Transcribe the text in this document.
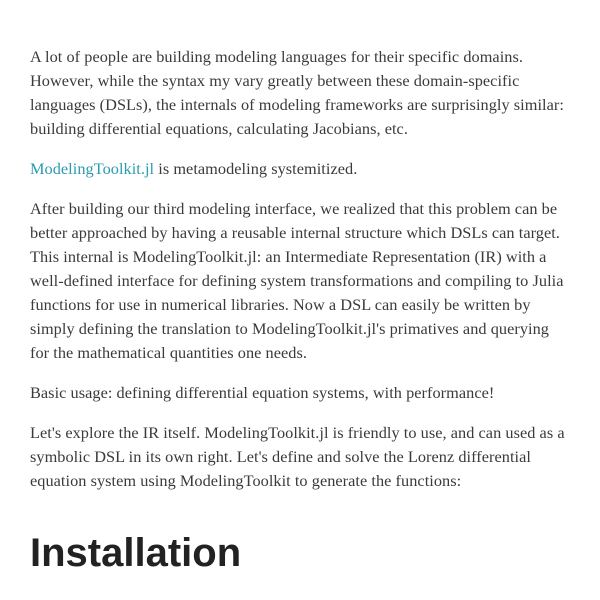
A lot of people are building modeling languages for their specific domains. However, while the syntax my vary greatly between these domain-specific languages (DSLs), the internals of modeling frameworks are surprisingly similar: building differential equations, calculating Jacobians, etc.

ModelingToolkit.jl is metamodeling systemitized.

After building our third modeling interface, we realized that this problem can be better approached by having a reusable internal structure which DSLs can target. This internal is ModelingToolkit.jl: an Intermediate Representation (IR) with a well-defined interface for defining system transformations and compiling to Julia functions for use in numerical libraries. Now a DSL can easily be written by simply defining the translation to ModelingToolkit.jl's primatives and querying for the mathematical quantities one needs.

Basic usage: defining differential equation systems, with performance!

Let's explore the IR itself. ModelingToolkit.jl is friendly to use, and can used as a symbolic DSL in its own right. Let's define and solve the Lorenz differential equation system using ModelingToolkit to generate the functions:

Installation
